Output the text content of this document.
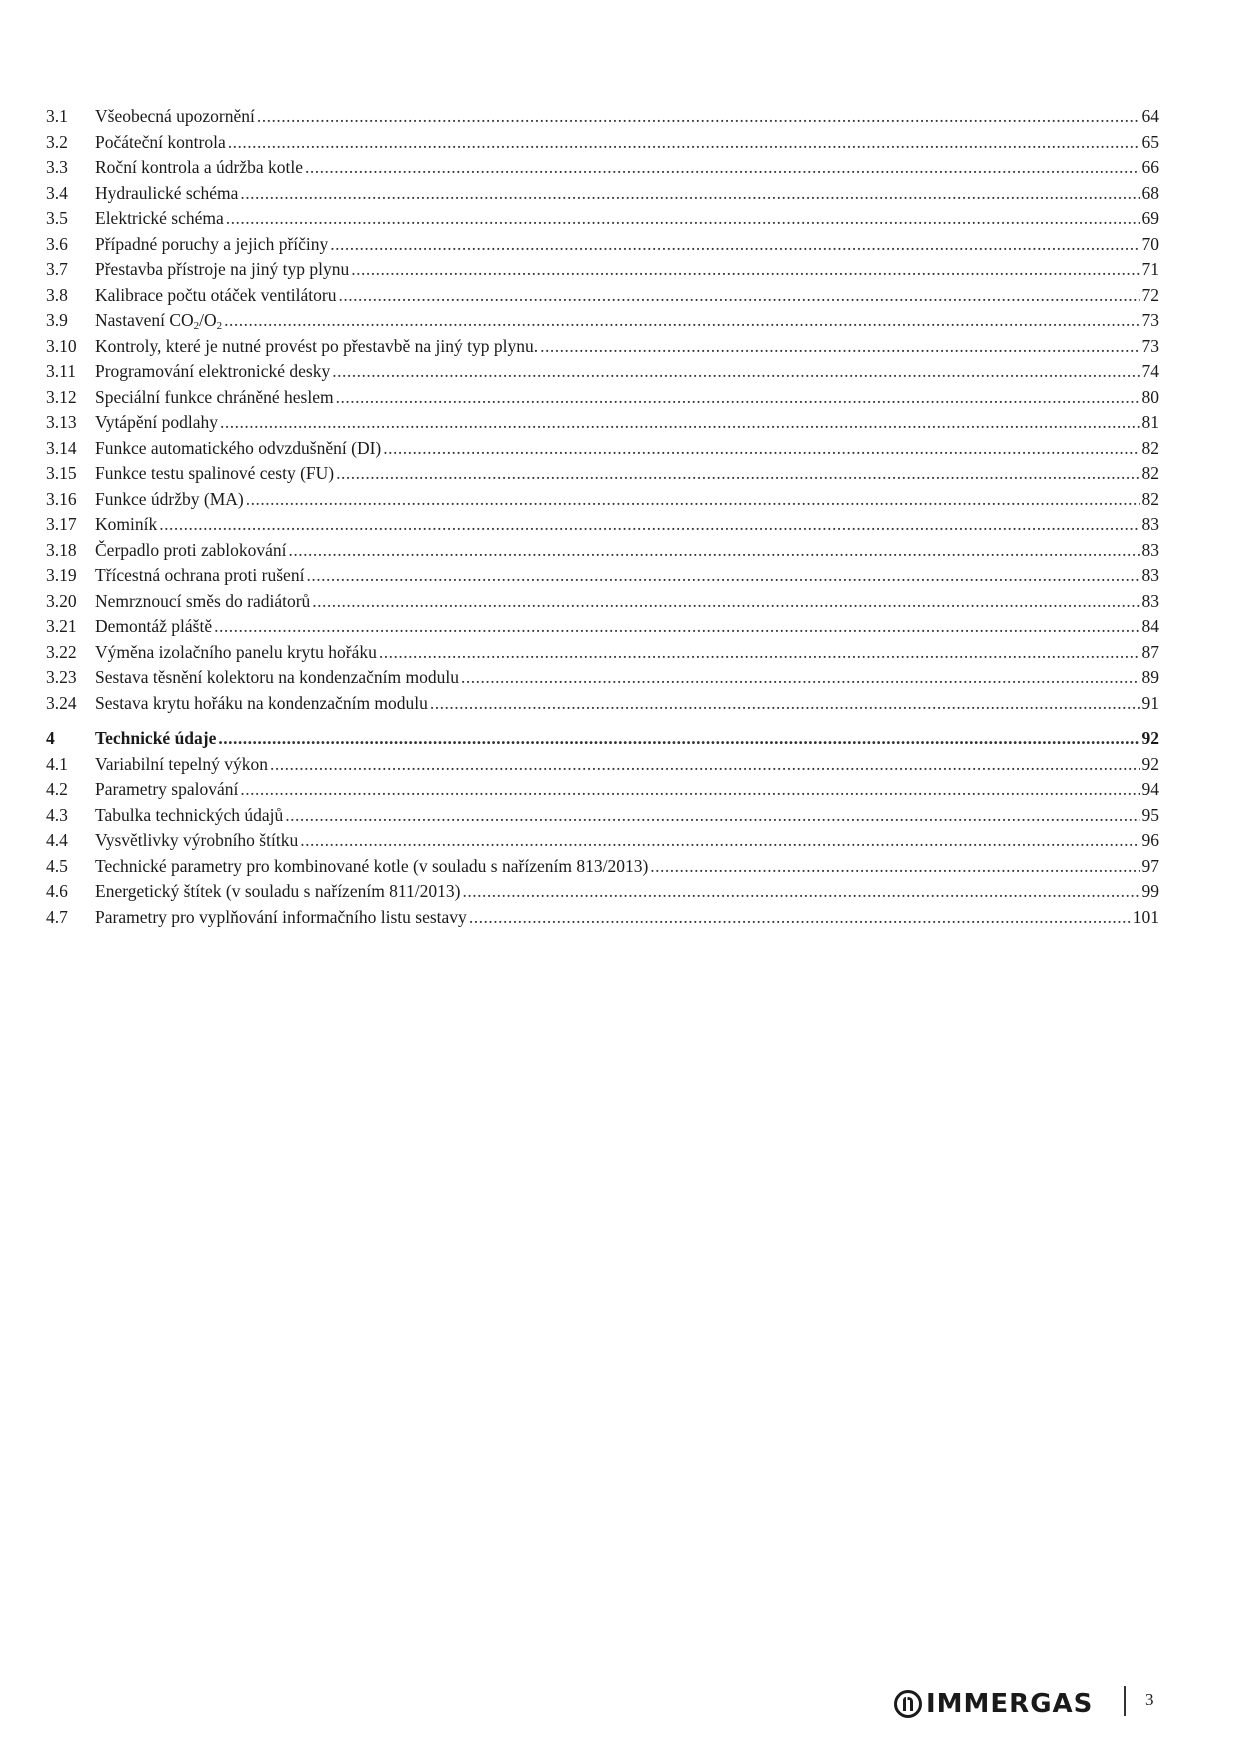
3.1	Všeobecná upozornění .....	64
3.2	Počáteční kontrola .....	65
3.3	Roční kontrola a údržba kotle .....	66
3.4	Hydraulické schéma .....	68
3.5	Elektrické schéma .....	69
3.6	Případné poruchy a jejich příčiny .....	70
3.7	Přestavba přístroje na jiný typ plynu .....	71
3.8	Kalibrace počtu otáček ventilátoru .....	72
3.9	Nastavení $CO_2/O_2$ .....	73
3.10	Kontroly, které je nutné provést po přestavbě na jiný typ plynu. .....	73
3.11	Programování elektronické desky .....	74
3.12	Speciální funkce chráněné heslem .....	80
3.13	Vytápění podlahy .....	81
3.14	Funkce automatického odvzdušnění (DI) .....	82
3.15	Funkce testu spalinové cesty (FU) .....	82
3.16	Funkce údržby (MA) .....	82
3.17	Kominík .....	83
3.18	Čerpadlo proti zablokování .....	83
3.19	Třícestná ochrana proti rušení .....	83
3.20	Nemrznoucí směs do radiátorů .....	83
3.21	Demontáž pláště .....	84
3.22	Výměna izolačního panelu krytu hořáku .....	87
3.23	Sestava těsnění kolektoru na kondenzačním modulu .....	89
3.24	Sestava krytu hořáku na kondenzačním modulu .....	91
4	Technické údaje .....	92
4.1	Variabilní tepelný výkon .....	92
4.2	Parametry spalování .....	94
4.3	Tabulka technických údajů .....	95
4.4	Vysvětlivky výrobního štítku .....	96
4.5	Technické parametry pro kombinované kotle (v souladu s nařízením 813/2013) .....	97
4.6	Energetický štítek (v souladu s nařízením 811/2013) .....	99
4.7	Parametry pro vyplňování informačního listu sestavy .....	101
IMMERGAS	3
